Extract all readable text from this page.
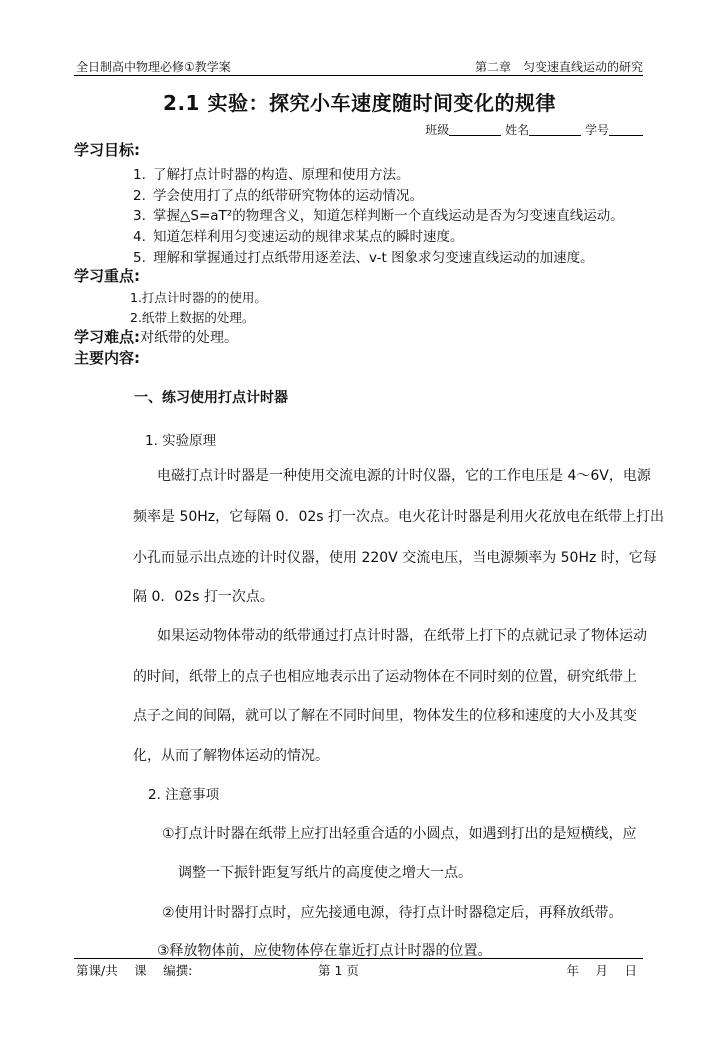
全日制高中物理必修①教学案	第二章　匀变速直线运动的研究
2.1 实验：探究小车速度随时间变化的规律
班级	姓名	学号
学习目标:
1. 了解打点计时器的构造、原理和使用方法。
2. 学会使用打了点的纸带研究物体的运动情况。
3. 掌握△S=aT²的物理含义，知道怎样判断一个直线运动是否为匀变速直线运动。
4. 知道怎样利用匀变速运动的规律求某点的瞬时速度。
5. 理解和掌握通过打点纸带用逐差法、v-t 图象求匀变速直线运动的加速度。
学习重点:
1.打点计时器的的使用。
2.纸带上数据的处理。
学习难点:对纸带的处理。
主要内容:
一、练习使用打点计时器
1. 实验原理
电磁打点计时器是一种使用交流电源的计时仪器，它的工作电压是 4～6V，电源
频率是 50Hz，它每隔 0．02s 打一次点。电火花计时器是利用火花放电在纸带上打出
小孔而显示出点迹的计时仪器，使用 220V 交流电压，当电源频率为 50Hz 时，它每
隔 0．02s 打一次点。
如果运动物体带动的纸带通过打点计时器，在纸带上打下的点就记录了物体运动
的时间，纸带上的点子也相应地表示出了运动物体在不同时刻的位置，研究纸带上
点子之间的间隔，就可以了解在不同时间里，物体发生的位移和速度的大小及其变
化，从而了解物体运动的情况。
2. 注意事项
①打点计时器在纸带上应打出轻重合适的小圆点，如遇到打出的是短横线，应
调整一下振针距复写纸片的高度使之增大一点。
②使用计时器打点时，应先接通电源，待打点计时器稳定后，再释放纸带。
③释放物体前，应使物体停在靠近打点计时器的位置。
第课/共　 课　 编撰:	第 1 页	年　 月　 日
